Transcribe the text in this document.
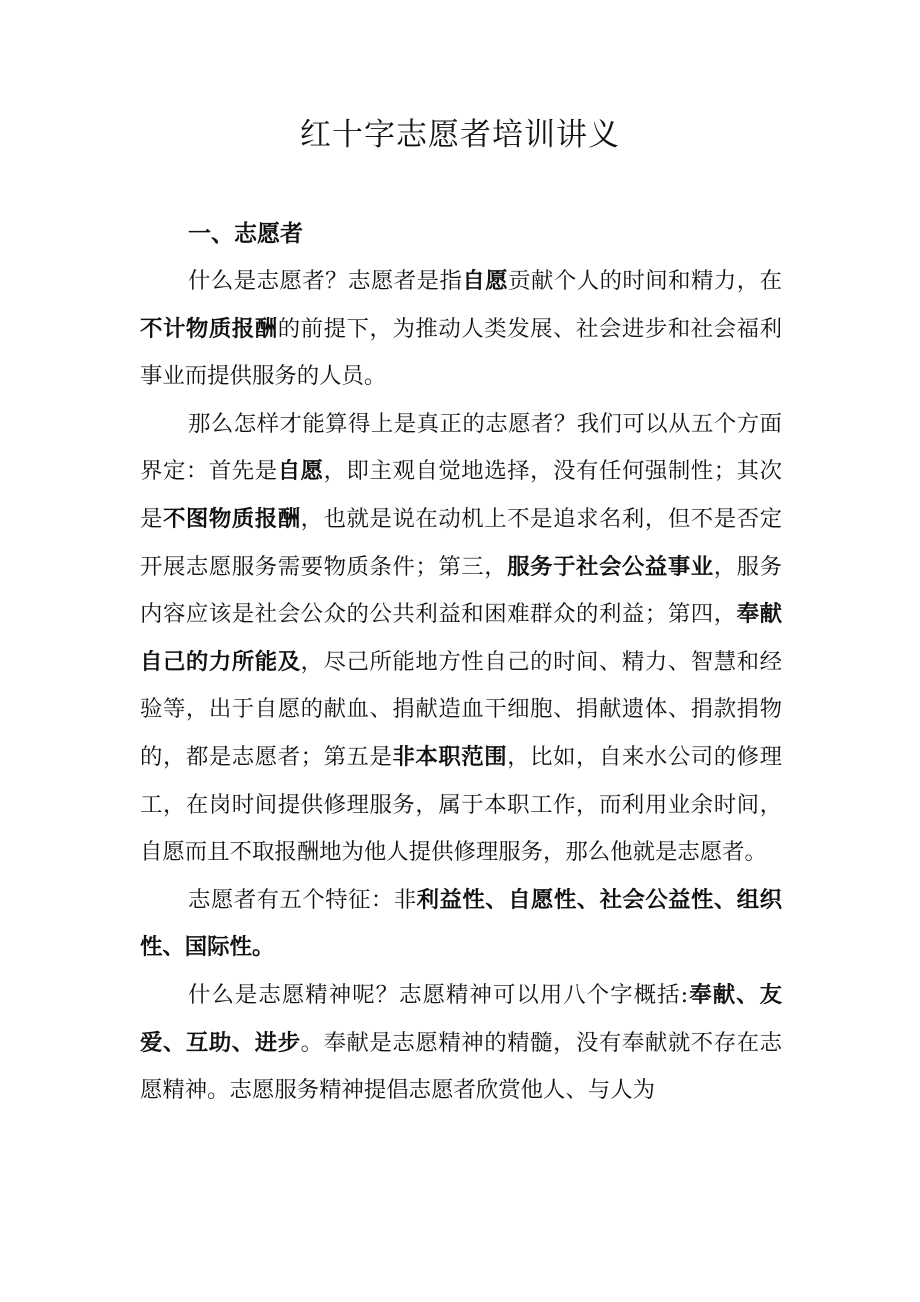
红十字志愿者培训讲义
一、志愿者

什么是志愿者？志愿者是指自愿贡献个人的时间和精力，在不计物质报酬的前提下，为推动人类发展、社会进步和社会福利事业而提供服务的人员。

那么怎样才能算得上是真正的志愿者？我们可以从五个方面界定：首先是自愿，即主观自觉地选择，没有任何强制性；其次是不图物质报酬，也就是说在动机上不是追求名利，但不是否定开展志愿服务需要物质条件；第三，服务于社会公益事业，服务内容应该是社会公众的公共利益和困难群众的利益；第四，奉献自己的力所能及，尽己所能地方性自己的时间、精力、智慧和经验等，出于自愿的献血、捐献造血干细胞、捐献遗体、捐款捐物的，都是志愿者；第五是非本职范围，比如，自来水公司的修理工，在岗时间提供修理服务，属于本职工作，而利用业余时间，自愿而且不取报酬地为他人提供修理服务，那么他就是志愿者。

志愿者有五个特征：非利益性、自愿性、社会公益性、组织性、国际性。

什么是志愿精神呢？志愿精神可以用八个字概括:奉献、友爱、互助、进步。奉献是志愿精神的精髓，没有奉献就不存在志愿精神。志愿服务精神提倡志愿者欣赏他人、与人为
